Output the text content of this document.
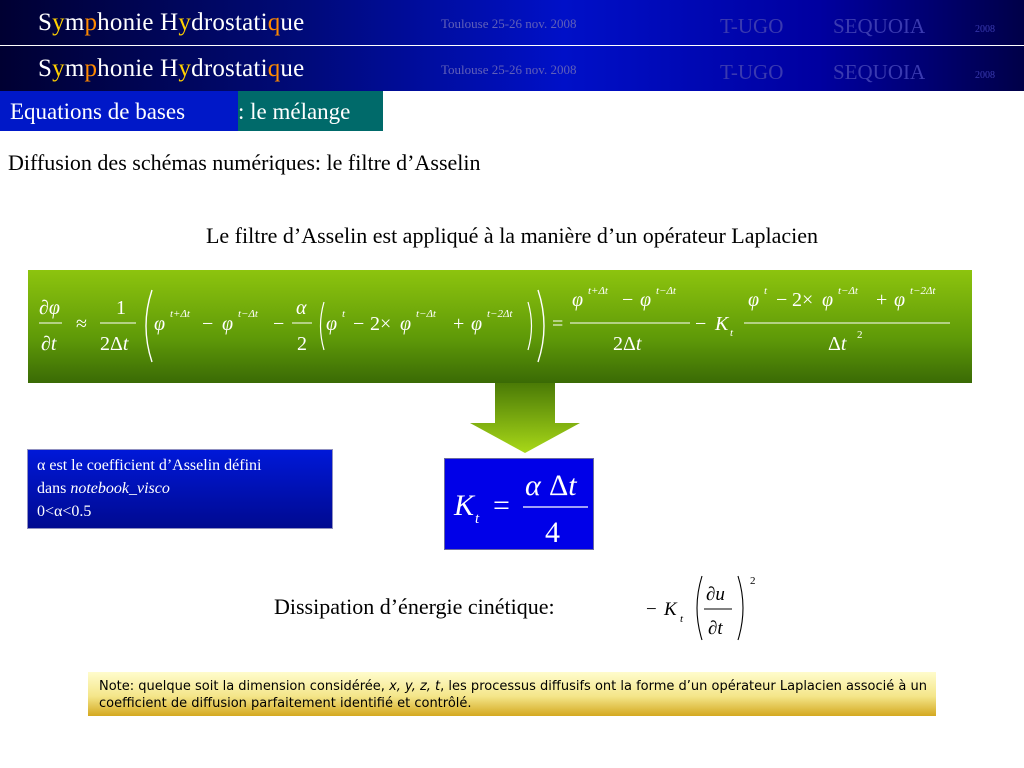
Symphonie Hydrostatique	Toulouse 25-26 nov. 2008	T-UGO SEQUOIA	2008
Symphonie Hydrostatique	Toulouse 25-26 nov. 2008	T-UGO SEQUOIA	2008
Equations de bases : le mélange
Diffusion des schémas numériques: le filtre d’Asselin
Le filtre d’Asselin est appliqué à la manière d’un opérateur Laplacien
∂φ
∂t
≈
1
2Δt
φ t+Δt − φ t−Δt −
α
2
φ t − 2× φ t−Δt + φ t−2Δt =
φ t+Δt − φ t−Δt
2Δt
− K t
φ t − 2× φ t−Δt + φ t−2Δt
Δt 2
α est le coefficient d’Asselin défini
dans notebook_visco
0<α<0.5	K t =
α Δt
4
Dissipation d’énergie cinétique:	− K t
∂u
∂t
2
Note: quelque soit la dimension considérée, x, y, z, t, les processus diffusifs ont la forme d’un opérateur Laplacien associé à un coefficient de diffusion parfaitement identifié et contrôlé.
